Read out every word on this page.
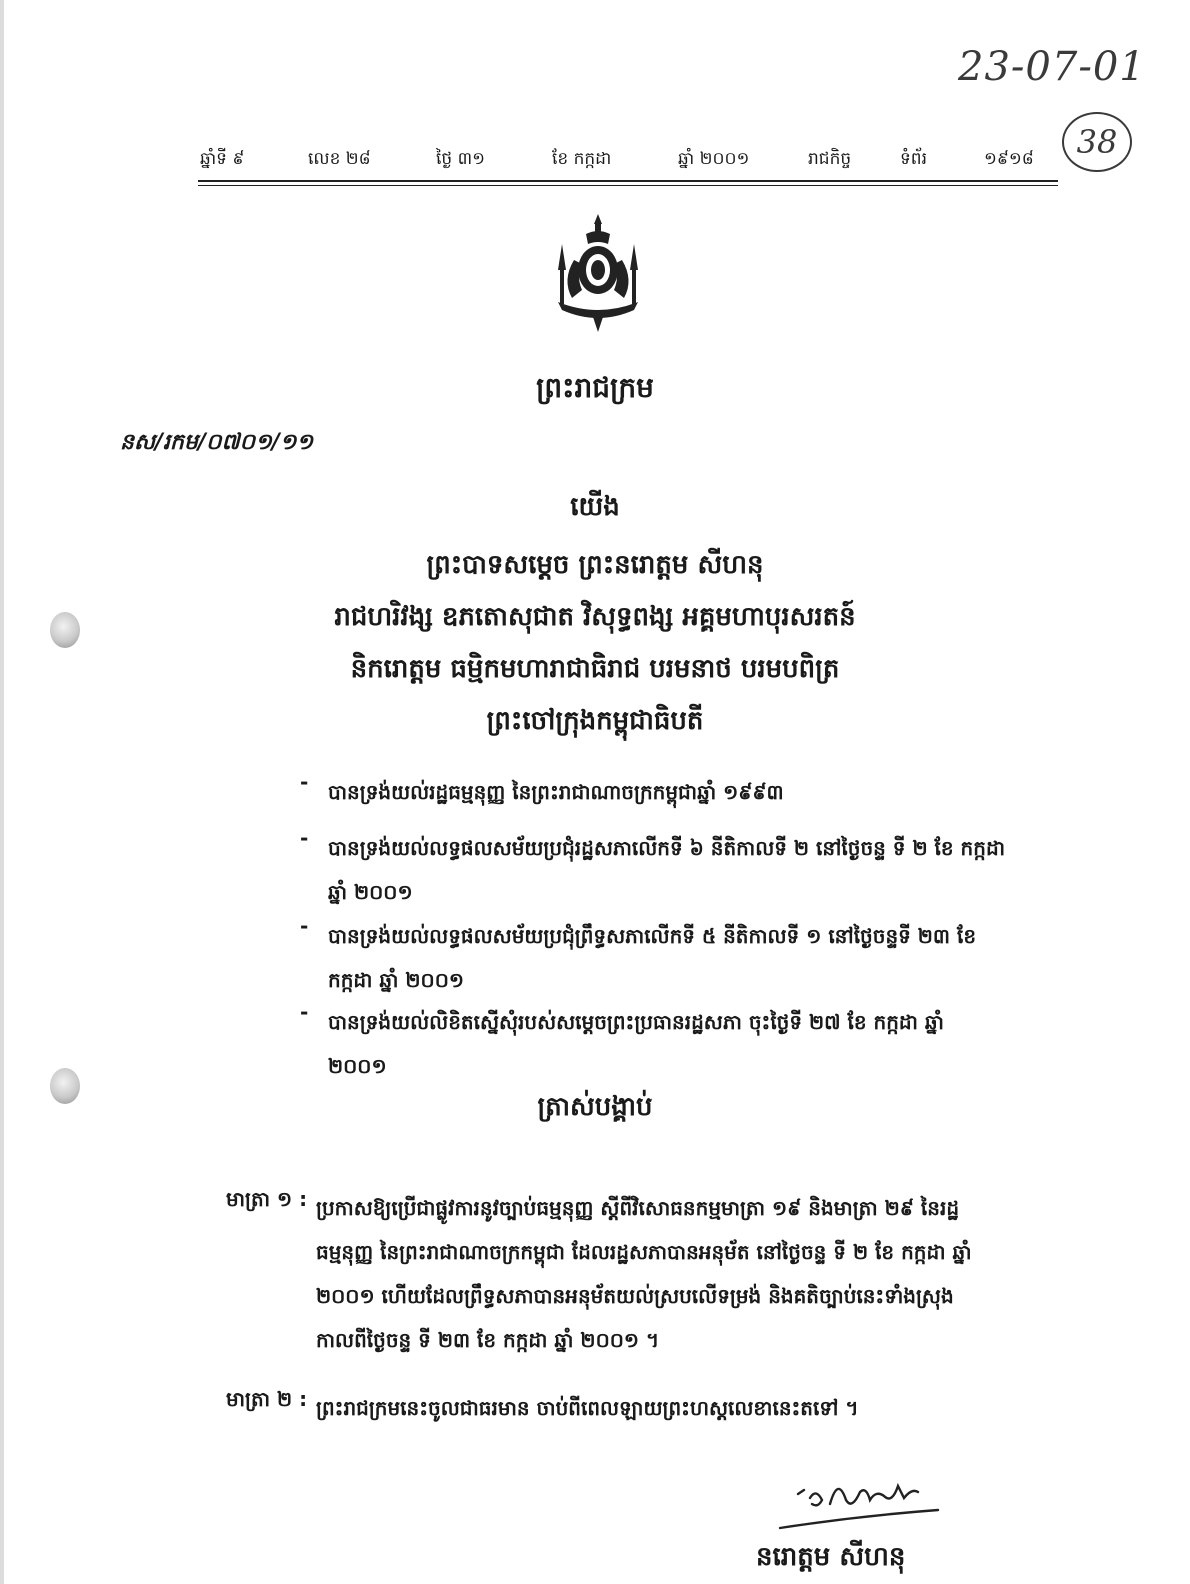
23-07-01
38
ឆ្នាំទី ៩	លេខ ២៨	ថ្ងៃ ៣១	ខែ កក្កដា	ឆ្នាំ ២០០១	រាជកិច្ច	ទំព័រ	១៩១៨
ព្រះរាជក្រម
នស/រកម/០៧០១/១១
យើង
ព្រះបាទសម្តេច ព្រះនរោត្តម សីហនុ
រាជហរិវង្ស ឧភតោសុជាត វិសុទ្ធពង្ស អគ្គមហាបុរសរតន៍
និករោត្តម ធម្មិកមហារាជាធិរាជ បរមនាថ បរមបពិត្រ
ព្រះចៅក្រុងកម្ពុជាធិបតី
- បានទ្រង់យល់រដ្ឋធម្មនុញ្ញ នៃព្រះរាជាណាចក្រកម្ពុជាឆ្នាំ ១៩៩៣
- បានទ្រង់យល់លទ្ធផលសម័យប្រជុំរដ្ឋសភាលើកទី ៦ នីតិកាលទី ២ នៅថ្ងៃចន្ទ ទី ២ ខែ កក្កដា ឆ្នាំ ២០០១
- បានទ្រង់យល់លទ្ធផលសម័យប្រជុំព្រឹទ្ធសភាលើកទី ៥ នីតិកាលទី ១ នៅថ្ងៃចន្ទទី ២៣ ខែ កក្កដា ឆ្នាំ ២០០១
- បានទ្រង់យល់លិខិតស្នើសុំរបស់សម្តេចព្រះប្រធានរដ្ឋសភា ចុះថ្ងៃទី ២៧ ខែ កក្កដា ឆ្នាំ ២០០១
ត្រាស់បង្គាប់
មាត្រា ១ : ប្រកាសឱ្យប្រើជាផ្លូវការនូវច្បាប់ធម្មនុញ្ញ ស្តីពីវិសោធនកម្មមាត្រា ១៩ និងមាត្រា ២៩ នៃរដ្ឋធម្មនុញ្ញ នៃព្រះរាជាណាចក្រកម្ពុជា ដែលរដ្ឋសភាបានអនុម័ត នៅថ្ងៃចន្ទ ទី ២ ខែ កក្កដា ឆ្នាំ ២០០១ ហើយដែលព្រឹទ្ធសភាបានអនុម័តយល់ស្របលើទម្រង់ និងគតិច្បាប់នេះទាំងស្រុង កាលពីថ្ងៃចន្ទ ទី ២៣ ខែ កក្កដា ឆ្នាំ ២០០១ ។
មាត្រា ២ : ព្រះរាជក្រមនេះចូលជាធរមាន ចាប់ពីពេលឡាយព្រះហស្តលេខានេះតទៅ ។
នរោត្តម សីហនុ
